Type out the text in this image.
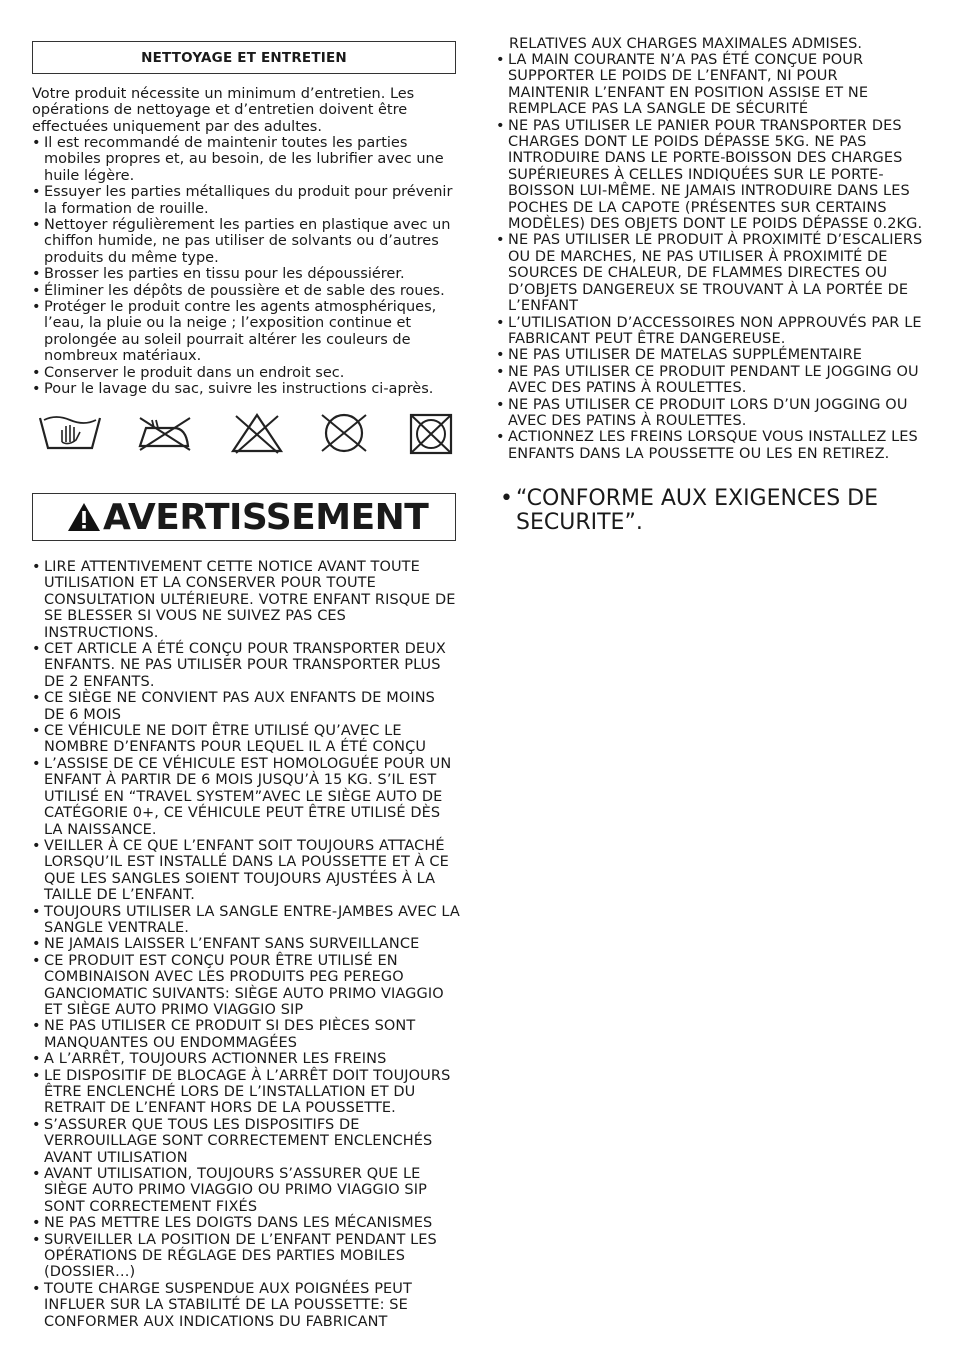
NETTOYAGE ET ENTRETIEN
Votre produit nécessite un minimum d’entretien. Les opérations de nettoyage et d’entretien doivent être effectuées uniquement par des adultes.
• Il est recommandé de maintenir toutes les parties mobiles propres et, au besoin, de les lubrifier avec une huile légère.
• Essuyer les parties métalliques du produit pour prévenir la formation de rouille.
• Nettoyer régulièrement les parties en plastique avec un chiffon humide, ne pas utiliser de solvants ou d’autres produits du même type.
• Brosser les parties en tissu pour les dépoussiérer.
• Éliminer les dépôts de poussière et de sable des roues.
• Protéger le produit contre les agents atmosphériques, l’eau, la pluie ou la neige ; l’exposition continue et prolongée au soleil pourrait altérer les couleurs de nombreux matériaux.
• Conserver le produit dans un endroit sec.
• Pour le lavage du sac, suivre les instructions ci-après.
AVERTISSEMENT
• LIRE ATTENTIVEMENT CETTE NOTICE AVANT TOUTE UTILISATION ET LA CONSERVER POUR TOUTE CONSULTATION ULTÉRIEURE. VOTRE ENFANT RISQUE DE SE BLESSER SI VOUS NE SUIVEZ PAS CES INSTRUCTIONS.
• CET ARTICLE A ÉTÉ CONÇU POUR TRANSPORTER DEUX ENFANTS. NE PAS UTILISER POUR TRANSPORTER PLUS DE 2 ENFANTS.
• CE SIÈGE NE CONVIENT PAS AUX ENFANTS DE MOINS DE 6 MOIS
• CE VÉHICULE NE DOIT ÊTRE UTILISÉ QU’AVEC LE NOMBRE D’ENFANTS POUR LEQUEL IL A ÉTÉ CONÇU
• L’ASSISE DE CE VÉHICULE EST HOMOLOGUÉE POUR UN ENFANT À PARTIR DE 6 MOIS JUSQU’À 15 KG. S’IL EST UTILISÉ EN “TRAVEL SYSTEM”AVEC LE SIÈGE AUTO DE CATÉGORIE 0+, CE VÉHICULE PEUT ÊTRE UTILISÉ DÈS LA NAISSANCE.
• VEILLER À CE QUE L’ENFANT SOIT TOUJOURS ATTACHÉ LORSQU’IL EST INSTALLÉ DANS LA POUSSETTE ET À CE QUE LES SANGLES SOIENT TOUJOURS AJUSTÉES À LA TAILLE DE L’ENFANT.
• TOUJOURS UTILISER LA SANGLE ENTRE-JAMBES AVEC LA SANGLE VENTRALE.
• NE JAMAIS LAISSER L’ENFANT SANS SURVEILLANCE
• CE PRODUIT EST CONÇU POUR ÊTRE UTILISÉ EN COMBINAISON AVEC LES PRODUITS PEG PEREGO GANCIOMATIC SUIVANTS: SIÈGE AUTO PRIMO VIAGGIO ET SIÈGE AUTO PRIMO VIAGGIO SIP
• NE PAS UTILISER CE PRODUIT SI DES PIÈCES SONT MANQUANTES OU ENDOMMAGÉES
• A L’ARRÊT, TOUJOURS ACTIONNER LES FREINS
• LE DISPOSITIF DE BLOCAGE À L’ARRÊT DOIT TOUJOURS ÊTRE ENCLENCHÉ LORS DE L’INSTALLATION ET DU RETRAIT DE L’ENFANT HORS DE LA POUSSETTE.
• S’ASSURER QUE TOUS LES DISPOSITIFS DE VERROUILLAGE SONT CORRECTEMENT ENCLENCHÉS AVANT UTILISATION
• AVANT UTILISATION, TOUJOURS S’ASSURER QUE LE SIÈGE AUTO PRIMO VIAGGIO OU PRIMO VIAGGIO SIP SONT CORRECTEMENT FIXÉS
• NE PAS METTRE LES DOIGTS DANS LES MÉCANISMES
• SURVEILLER LA POSITION DE L’ENFANT PENDANT LES OPÉRATIONS DE RÉGLAGE DES PARTIES MOBILES (DOSSIER…)
• TOUTE CHARGE SUSPENDUE AUX POIGNÉES PEUT INFLUER SUR LA STABILITÉ DE LA POUSSETTE: SE CONFORMER AUX INDICATIONS DU FABRICANT
RELATIVES AUX CHARGES MAXIMALES ADMISES.
• LA MAIN COURANTE N’A PAS ÉTÉ CONÇUE POUR SUPPORTER LE POIDS DE L’ENFANT, NI POUR MAINTENIR L’ENFANT EN POSITION ASSISE ET NE REMPLACE PAS LA SANGLE DE SÉCURITÉ
• NE PAS UTILISER LE PANIER POUR TRANSPORTER DES CHARGES DONT LE POIDS DÉPASSE 5KG. NE PAS INTRODUIRE DANS LE PORTE-BOISSON DES CHARGES SUPÉRIEURES À CELLES INDIQUÉES SUR LE PORTE-BOISSON LUI-MÊME. NE JAMAIS INTRODUIRE DANS LES POCHES DE LA CAPOTE (PRÉSENTES SUR CERTAINS MODÈLES) DES OBJETS DONT LE POIDS DÉPASSE 0.2KG.
• NE PAS UTILISER LE PRODUIT À PROXIMITÉ D’ESCALIERS OU DE MARCHES, NE PAS UTILISER À PROXIMITÉ DE SOURCES DE CHALEUR, DE FLAMMES DIRECTES OU D’OBJETS DANGEREUX SE TROUVANT À LA PORTÉE DE L’ENFANT
• L’UTILISATION D’ACCESSOIRES NON APPROUVÉS PAR LE FABRICANT PEUT ÊTRE DANGEREUSE.
• NE PAS UTILISER DE MATELAS SUPPLÉMENTAIRE
• NE PAS UTILISER CE PRODUIT PENDANT LE JOGGING OU AVEC DES PATINS À ROULETTES.
• NE PAS UTILISER CE PRODUIT LORS D’UN JOGGING OU AVEC DES PATINS À ROULETTES.
• ACTIONNEZ LES FREINS LORSQUE VOUS INSTALLEZ LES ENFANTS DANS LA POUSSETTE OU LES EN RETIREZ.
• “CONFORME AUX EXIGENCES DE SECURITE”.
